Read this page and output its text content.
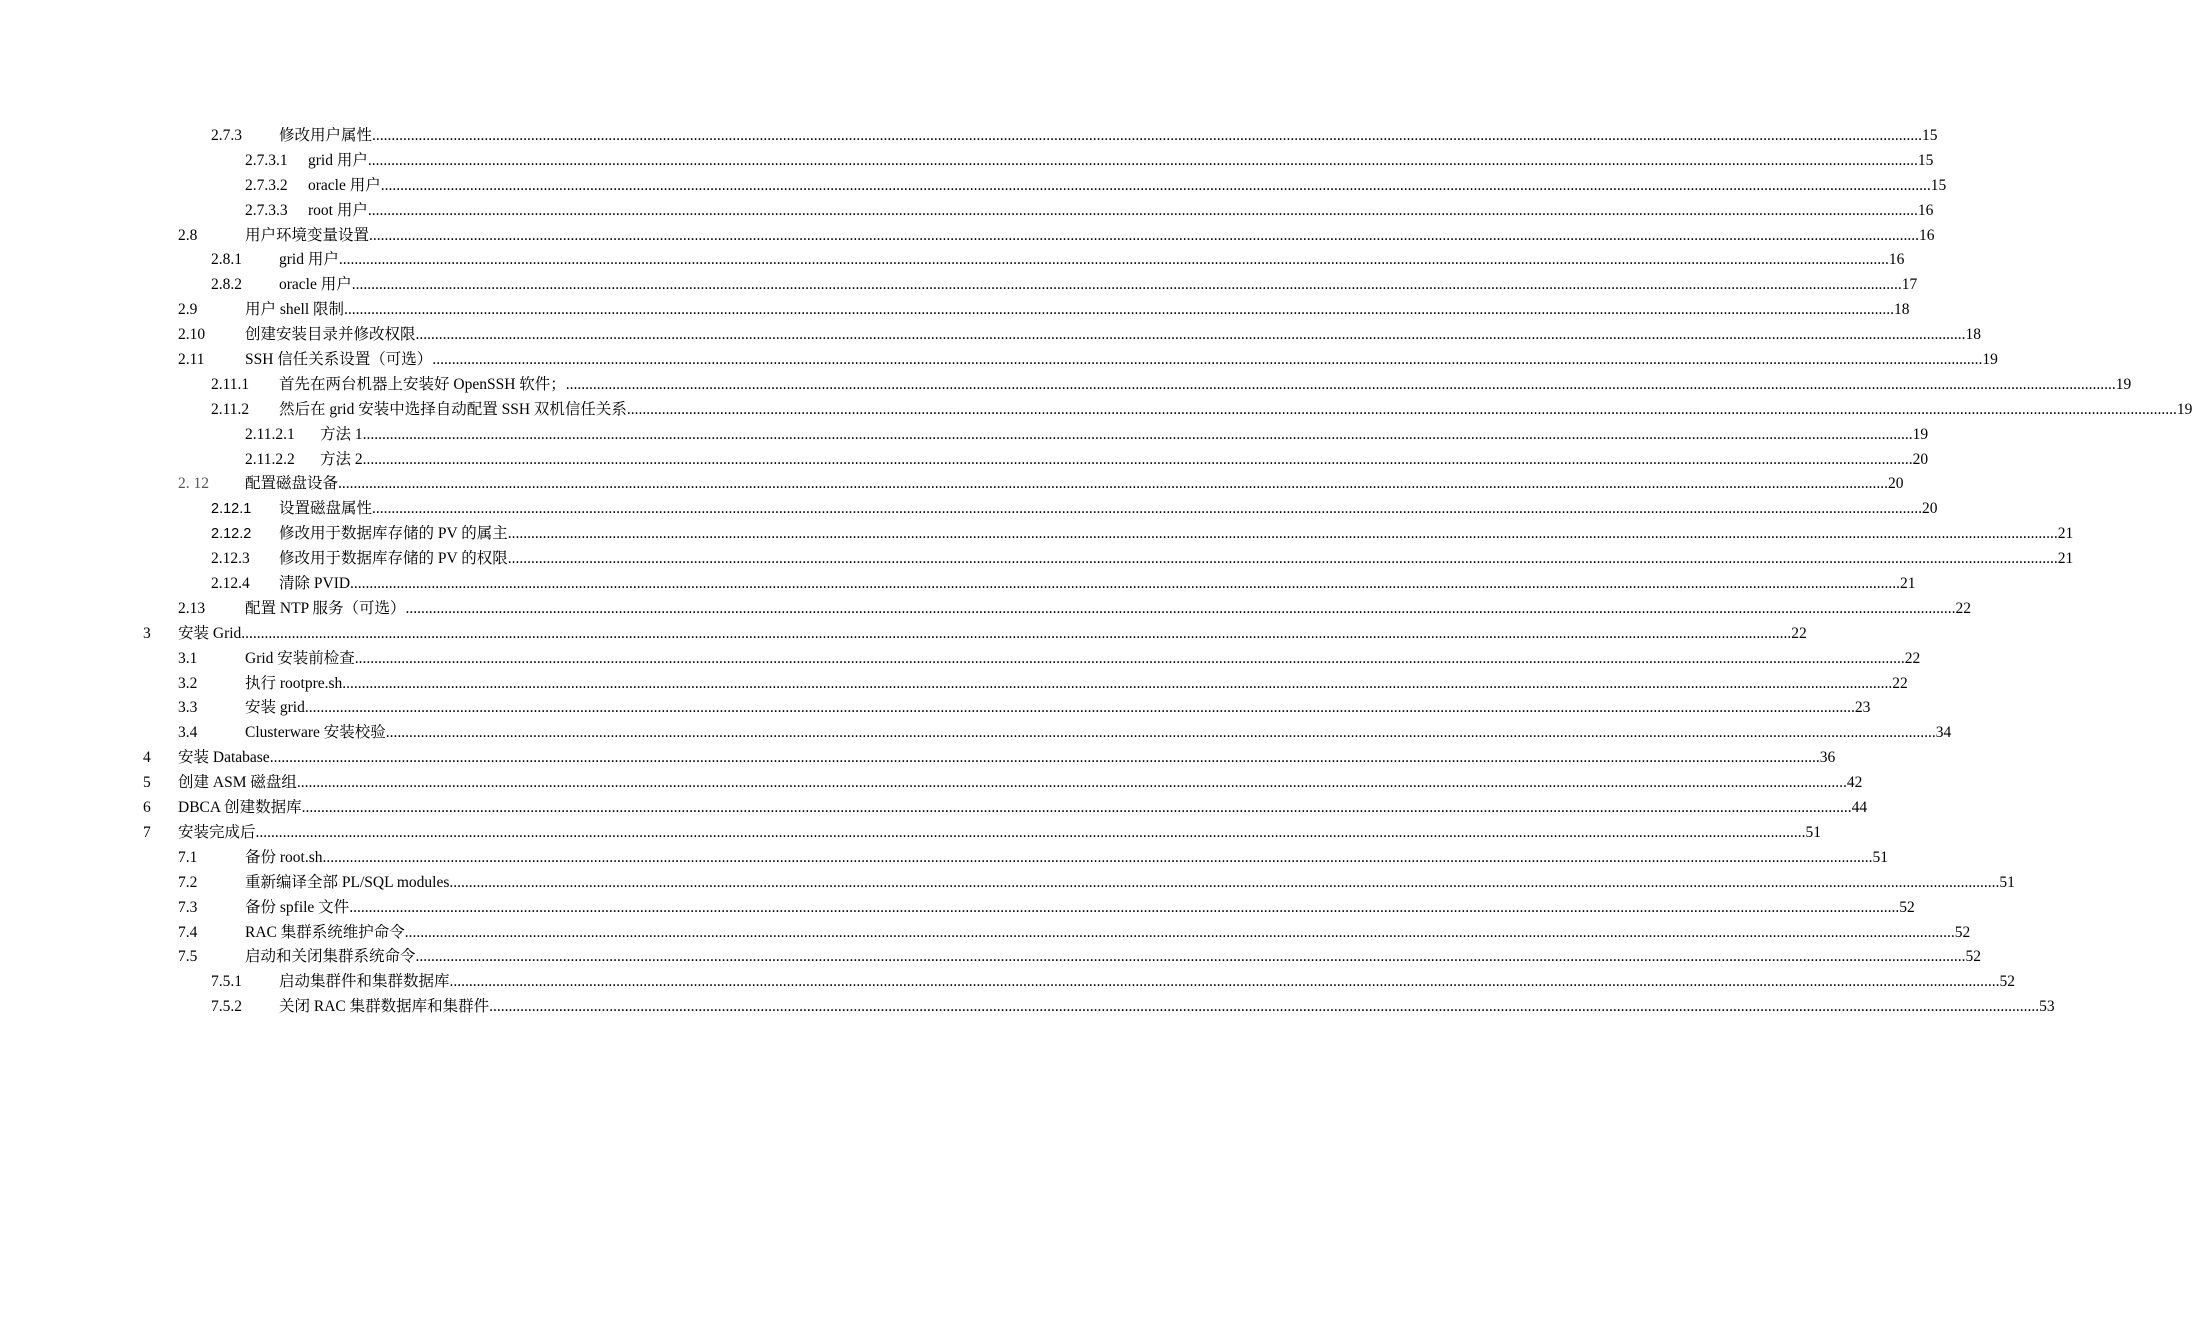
2.7.3 修改用户属性 ................................................................................................................................................................................................................................................................................................................................................................................................................ 15
2.7.3.1 grid 用户 ................................................................................................................................................................................................................................................................................................................................................................................................................ 15
2.7.3.2 oracle 用户 ................................................................................................................................................................................................................................................................................................................................................................................................................ 15
2.7.3.3 root 用户 ................................................................................................................................................................................................................................................................................................................................................................................................................ 16
2.8	用户环境变量设置 ................................................................................................................................................................................................................................................................................................................................................................................................................ 16
2.8.1 grid 用户 ................................................................................................................................................................................................................................................................................................................................................................................................................ 16
2.8.2 oracle 用户 ................................................................................................................................................................................................................................................................................................................................................................................................................ 17
2.9	用户 shell 限制 ................................................................................................................................................................................................................................................................................................................................................................................................................ 18
2.10	创建安装目录并修改权限 ................................................................................................................................................................................................................................................................................................................................................................................................................ 18
2.11	SSH 信任关系设置（可选） ................................................................................................................................................................................................................................................................................................................................................................................................................ 19
2.11.1 首先在两台机器上安装好 OpenSSH 软件； ................................................................................................................................................................................................................................................................................................................................................................................................................ 19
2.11.2 然后在 grid 安装中选择自动配置 SSH 双机信任关系 ................................................................................................................................................................................................................................................................................................................................................................................................................ 19
2.11.2.1 方法 1 ................................................................................................................................................................................................................................................................................................................................................................................................................ 19
2.11.2.2 方法 2 ................................................................................................................................................................................................................................................................................................................................................................................................................ 20
2. 12 配置磁盘设备 ................................................................................................................................................................................................................................................................................................................................................................................................................ 20
2.12.1 设置磁盘属性 ................................................................................................................................................................................................................................................................................................................................................................................................................ 20
2.12.2 修改用于数据库存储的 PV 的属主 ................................................................................................................................................................................................................................................................................................................................................................................................................ 21
2.12.3 修改用于数据库存储的 PV 的权限 ................................................................................................................................................................................................................................................................................................................................................................................................................ 21
2.12.4 清除 PVID ................................................................................................................................................................................................................................................................................................................................................................................................................ 21
2.13	配置 NTP 服务（可选） ................................................................................................................................................................................................................................................................................................................................................................................................................ 22
3 安装 Grid ................................................................................................................................................................................................................................................................................................................................................................................................................ 22
3.1	Grid 安装前检查 ................................................................................................................................................................................................................................................................................................................................................................................................................ 22
3.2	执行 rootpre.sh ................................................................................................................................................................................................................................................................................................................................................................................................................ 22
3.3	安装 grid ................................................................................................................................................................................................................................................................................................................................................................................................................ 23
3.4	Clusterware 安装校验 ................................................................................................................................................................................................................................................................................................................................................................................................................ 34
4 安装 Database ................................................................................................................................................................................................................................................................................................................................................................................................................ 36
5 创建 ASM 磁盘组 ................................................................................................................................................................................................................................................................................................................................................................................................................ 42
6 DBCA 创建数据库 ................................................................................................................................................................................................................................................................................................................................................................................................................ 44
7 安装完成后 ................................................................................................................................................................................................................................................................................................................................................................................................................ 51
7.1	备份 root.sh ................................................................................................................................................................................................................................................................................................................................................................................................................ 51
7.2	重新编译全部 PL/SQL modules ................................................................................................................................................................................................................................................................................................................................................................................................................ 51
7.3	备份 spfile 文件 ................................................................................................................................................................................................................................................................................................................................................................................................................ 52
7.4	RAC 集群系统维护命令 ................................................................................................................................................................................................................................................................................................................................................................................................................ 52
7.5	启动和关闭集群系统命令 ................................................................................................................................................................................................................................................................................................................................................................................................................ 52
7.5.1 启动集群件和集群数据库 ................................................................................................................................................................................................................................................................................................................................................................................................................ 52
7.5.2 关闭 RAC 集群数据库和集群件 ................................................................................................................................................................................................................................................................................................................................................................................................................ 53
